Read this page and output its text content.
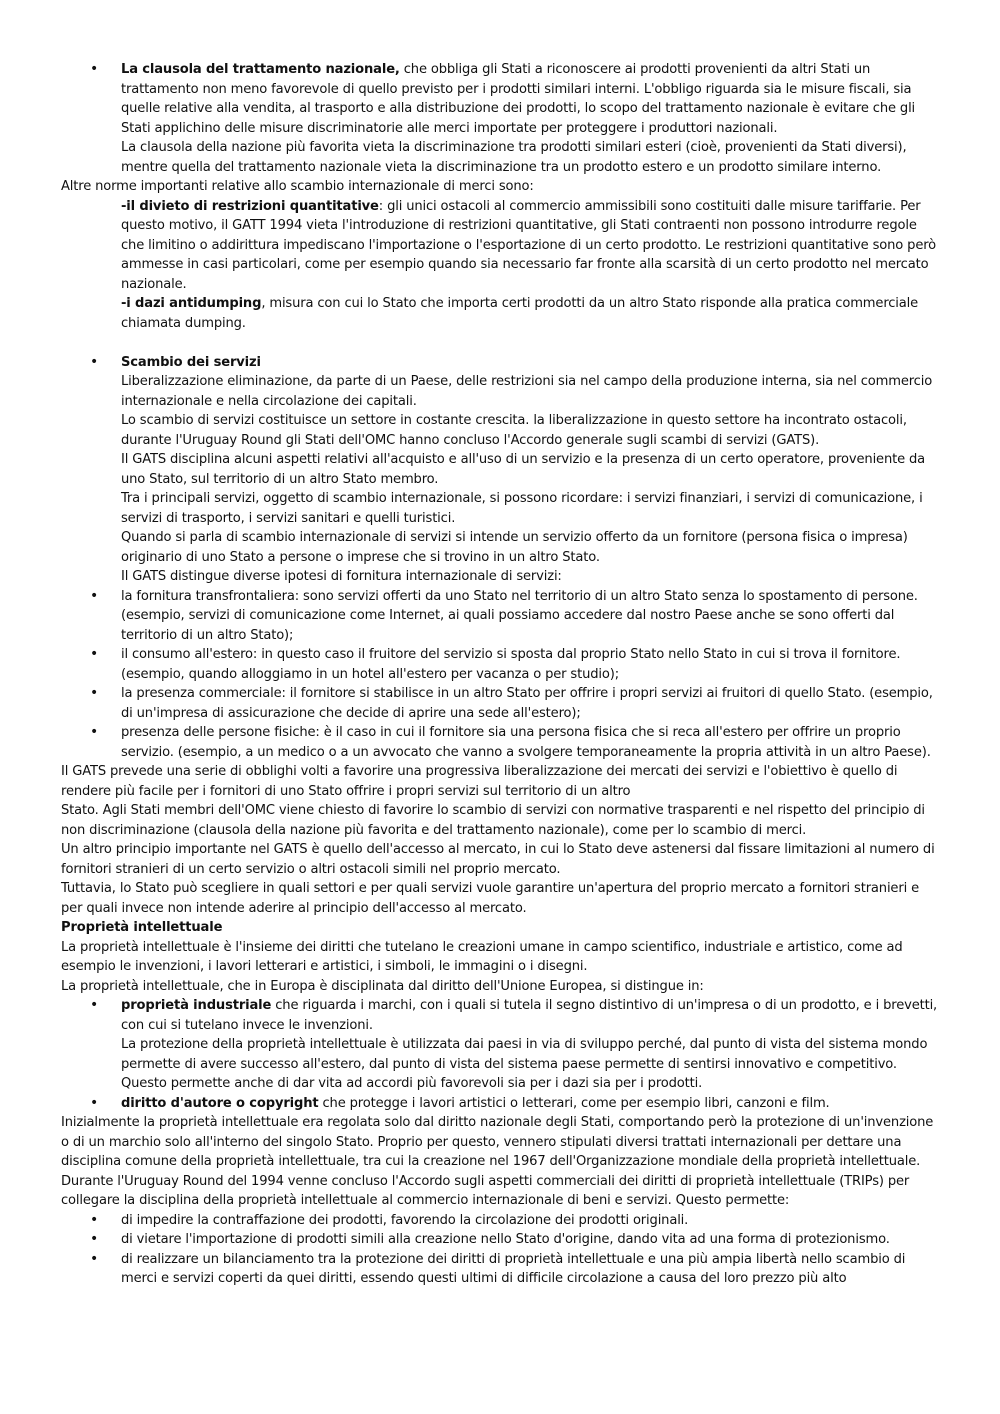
• La clausola del trattamento nazionale, che obbliga gli Stati a riconoscere ai prodotti provenienti da altri Stati un trattamento non meno favorevole di quello previsto per i prodotti similari interni. L'obbligo riguarda sia le misure fiscali, sia quelle relative alla vendita, al trasporto e alla distribuzione dei prodotti, lo scopo del trattamento nazionale è evitare che gli Stati applichino delle misure discriminatorie alle merci importate per proteggere i produttori nazionali.

La clausola della nazione più favorita vieta la discriminazione tra prodotti similari esteri (cioè, provenienti da Stati diversi), mentre quella del trattamento nazionale vieta la discriminazione tra un prodotto estero e un prodotto similare interno.

Altre norme importanti relative allo scambio internazionale di merci sono:

-il divieto di restrizioni quantitative: gli unici ostacoli al commercio ammissibili sono costituiti dalle misure tariffarie. Per questo motivo, il GATT 1994 vieta l'introduzione di restrizioni quantitative, gli Stati contraenti non possono introdurre regole che limitino o addirittura impediscano l'importazione o l'esportazione di un certo prodotto. Le restrizioni quantitative sono però ammesse in casi particolari, come per esempio quando sia necessario far fronte alla scarsità di un certo prodotto nel mercato nazionale.

-i dazi antidumping, misura con cui lo Stato che importa certi prodotti da un altro Stato risponde alla pratica commerciale chiamata dumping.

• Scambio dei servizi

Liberalizzazione eliminazione, da parte di un Paese, delle restrizioni sia nel campo della produzione interna, sia nel commercio internazionale e nella circolazione dei capitali.

Lo scambio di servizi costituisce un settore in costante crescita. la liberalizzazione in questo settore ha incontrato ostacoli, durante l'Uruguay Round gli Stati dell'OMC hanno concluso l'Accordo generale sugli scambi di servizi (GATS).

Il GATS disciplina alcuni aspetti relativi all'acquisto e all'uso di un servizio e la presenza di un certo operatore, proveniente da uno Stato, sul territorio di un altro Stato membro.

Tra i principali servizi, oggetto di scambio internazionale, si possono ricordare: i servizi finanziari, i servizi di comunicazione, i servizi di trasporto, i servizi sanitari e quelli turistici.

Quando si parla di scambio internazionale di servizi si intende un servizio offerto da un fornitore (persona fisica o impresa) originario di uno Stato a persone o imprese che si trovino in un altro Stato.

Il GATS distingue diverse ipotesi di fornitura internazionale di servizi:

• la fornitura transfrontaliera: sono servizi offerti da uno Stato nel territorio di un altro Stato senza lo spostamento di persone. (esempio, servizi di comunicazione come Internet, ai quali possiamo accedere dal nostro Paese anche se sono offerti dal territorio di un altro Stato);

• il consumo all'estero: in questo caso il fruitore del servizio si sposta dal proprio Stato nello Stato in cui si trova il fornitore. (esempio, quando alloggiamo in un hotel all'estero per vacanza o per studio);

• la presenza commerciale: il fornitore si stabilisce in un altro Stato per offrire i propri servizi ai fruitori di quello Stato. (esempio, di un'impresa di assicurazione che decide di aprire una sede all'estero);

• presenza delle persone fisiche: è il caso in cui il fornitore sia una persona fisica che si reca all'estero per offrire un proprio servizio. (esempio, a un medico o a un avvocato che vanno a svolgere temporaneamente la propria attività in un altro Paese).

Il GATS prevede una serie di obblighi volti a favorire una progressiva liberalizzazione dei mercati dei servizi e l'obiettivo è quello di rendere più facile per i fornitori di uno Stato offrire i propri servizi sul territorio di un altro

Stato. Agli Stati membri dell'OMC viene chiesto di favorire lo scambio di servizi con normative trasparenti e nel rispetto del principio di non discriminazione (clausola della nazione più favorita e del trattamento nazionale), come per lo scambio di merci.

Un altro principio importante nel GATS è quello dell'accesso al mercato, in cui lo Stato deve astenersi dal fissare limitazioni al numero di fornitori stranieri di un certo servizio o altri ostacoli simili nel proprio mercato.

Tuttavia, lo Stato può scegliere in quali settori e per quali servizi vuole garantire un'apertura del proprio mercato a fornitori stranieri e per quali invece non intende aderire al principio dell'accesso al mercato.

Proprietà intellettuale

La proprietà intellettuale è l'insieme dei diritti che tutelano le creazioni umane in campo scientifico, industriale e artistico, come ad esempio le invenzioni, i lavori letterari e artistici, i simboli, le immagini o i disegni.

La proprietà intellettuale, che in Europa è disciplinata dal diritto dell'Unione Europea, si distingue in:

• proprietà industriale che riguarda i marchi, con i quali si tutela il segno distintivo di un'impresa o di un prodotto, e i brevetti, con cui si tutelano invece le invenzioni.

La protezione della proprietà intellettuale è utilizzata dai paesi in via di sviluppo perché, dal punto di vista del sistema mondo permette di avere successo all'estero, dal punto di vista del sistema paese permette di sentirsi innovativo e competitivo. Questo permette anche di dar vita ad accordi più favorevoli sia per i dazi sia per i prodotti.

• diritto d'autore o copyright che protegge i lavori artistici o letterari, come per esempio libri, canzoni e film.

Inizialmente la proprietà intellettuale era regolata solo dal diritto nazionale degli Stati, comportando però la protezione di un'invenzione o di un marchio solo all'interno del singolo Stato. Proprio per questo, vennero stipulati diversi trattati internazionali per dettare una disciplina comune della proprietà intellettuale, tra cui la creazione nel 1967 dell'Organizzazione mondiale della proprietà intellettuale.

Durante l'Uruguay Round del 1994 venne concluso l'Accordo sugli aspetti commerciali dei diritti di proprietà intellettuale (TRIPs) per collegare la disciplina della proprietà intellettuale al commercio internazionale di beni e servizi. Questo permette:

• di impedire la contraffazione dei prodotti, favorendo la circolazione dei prodotti originali.

• di vietare l'importazione di prodotti simili alla creazione nello Stato d'origine, dando vita ad una forma di protezionismo.

• di realizzare un bilanciamento tra la protezione dei diritti di proprietà intellettuale e una più ampia libertà nello scambio di merci e servizi coperti da quei diritti, essendo questi ultimi di difficile circolazione a causa del loro prezzo più alto
